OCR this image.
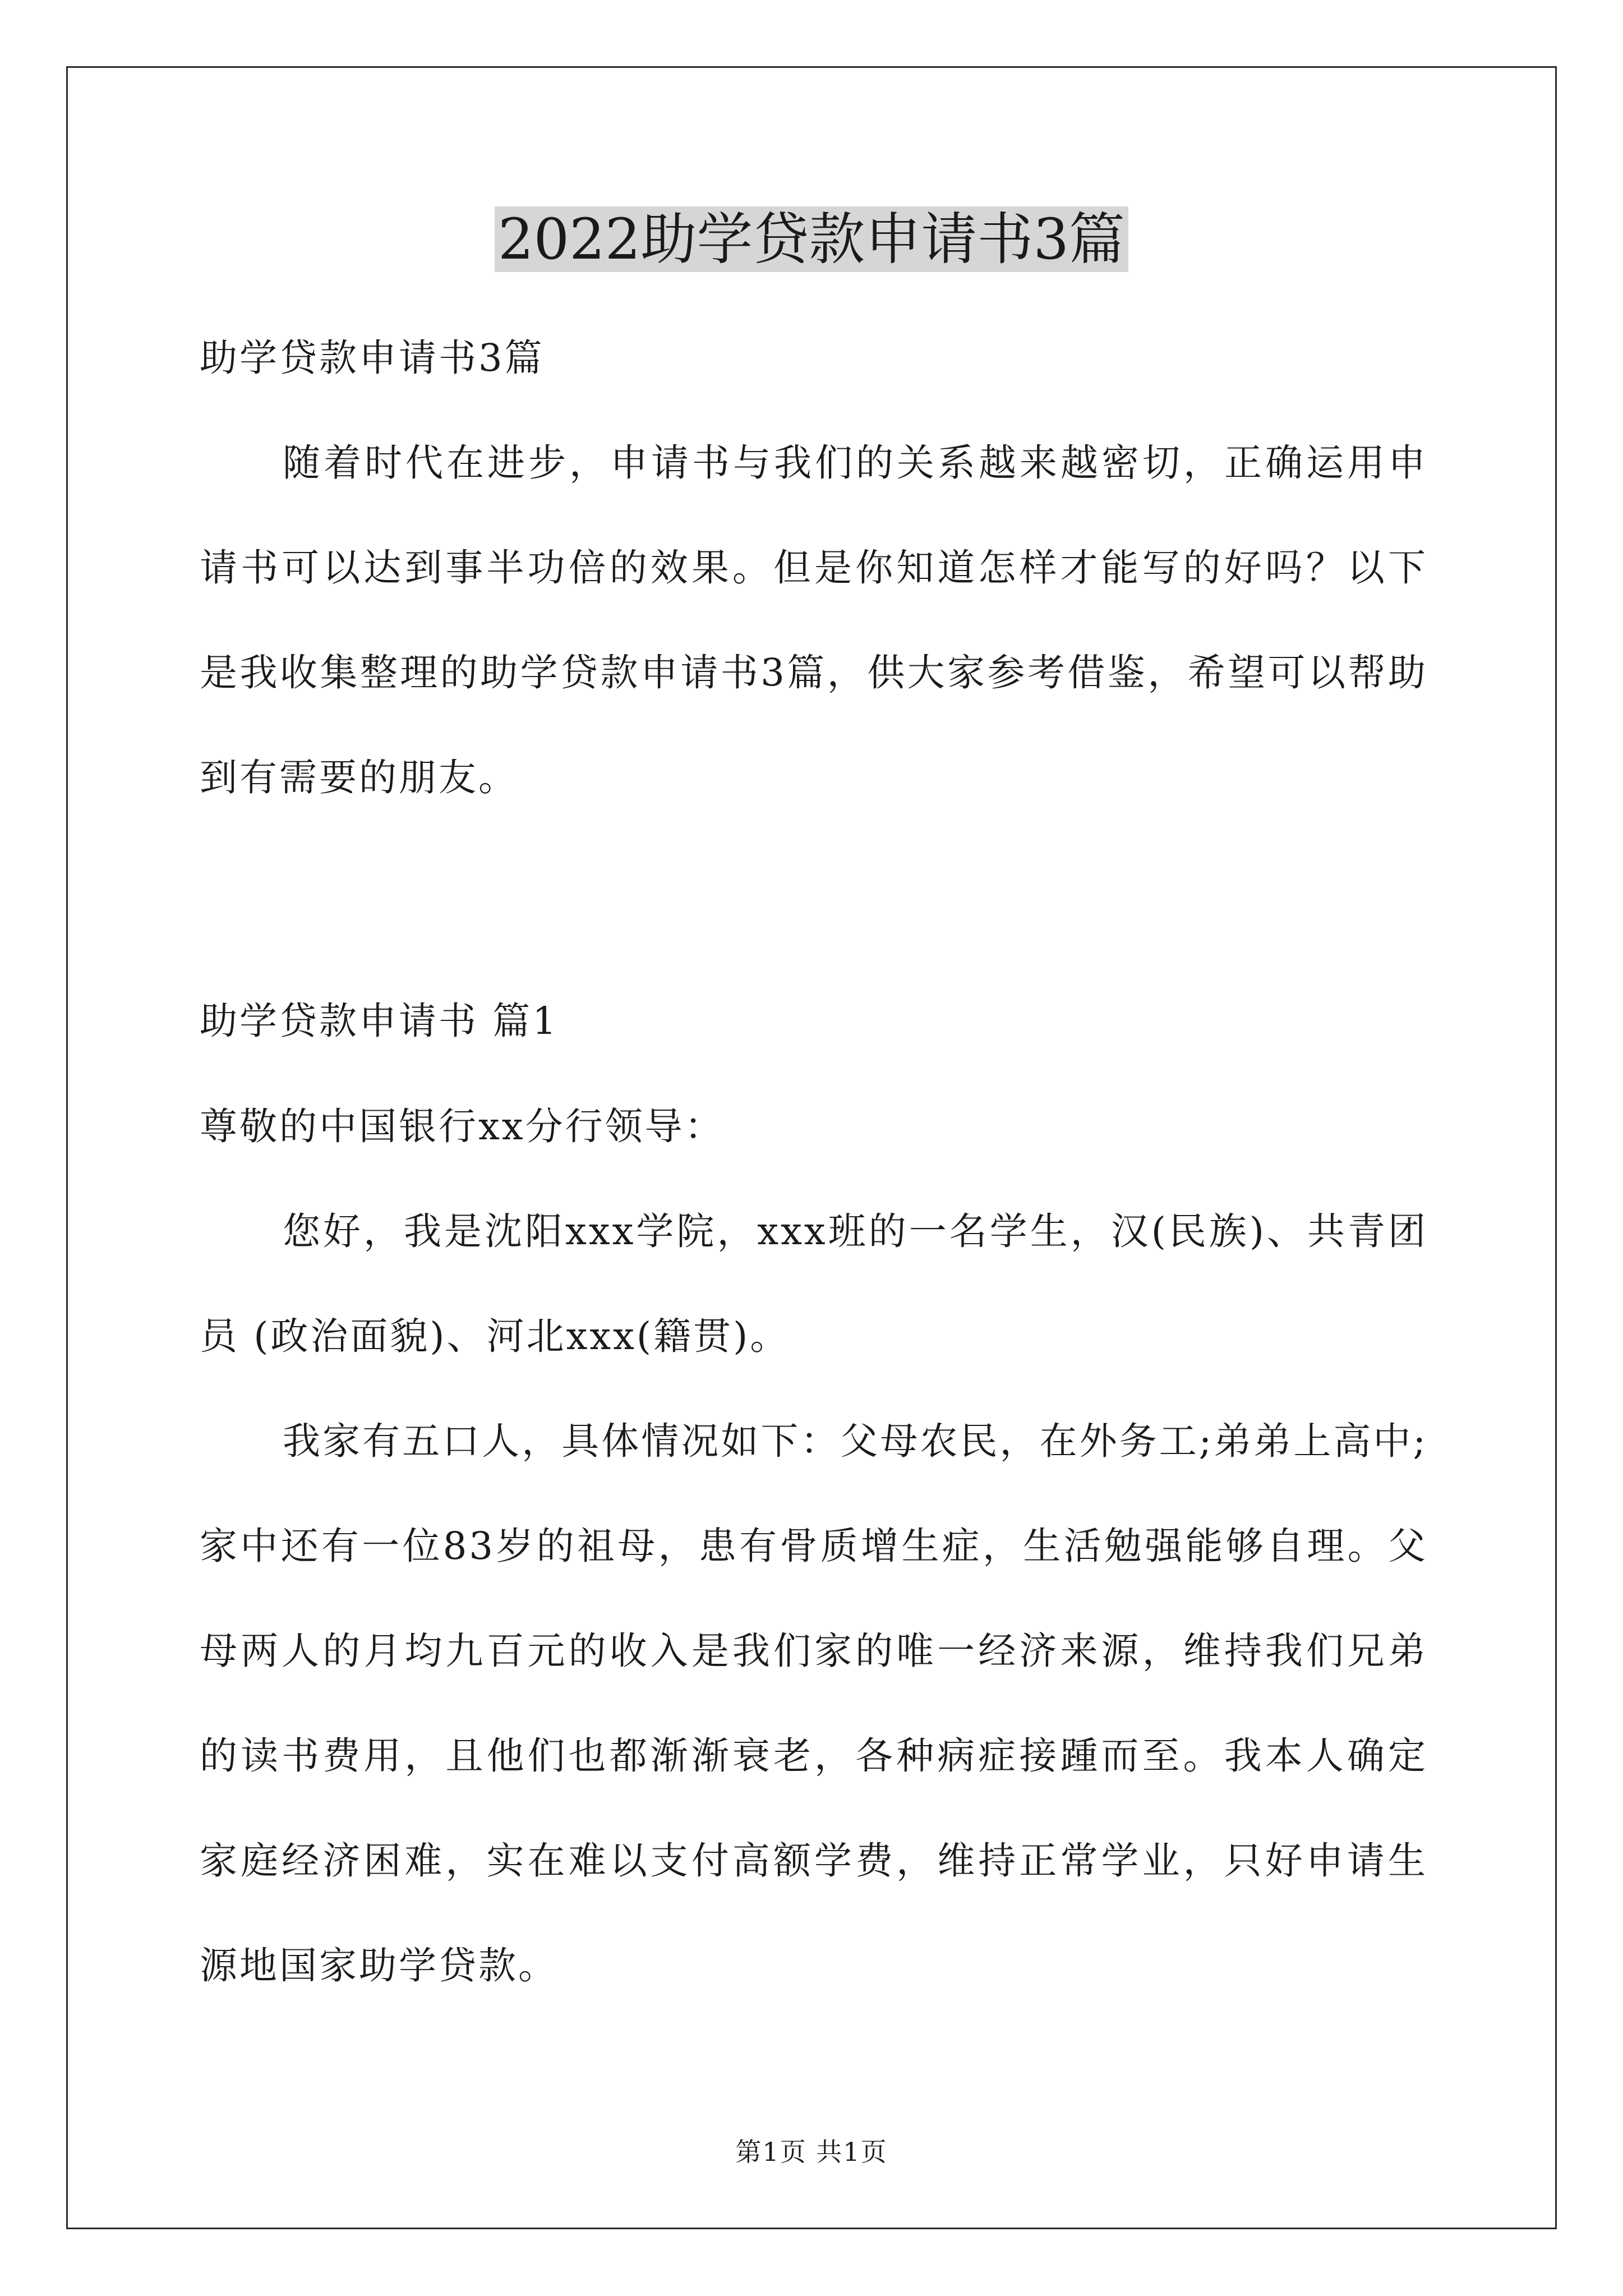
2022助学贷款申请书3篇

助学贷款申请书3篇

随着时代在进步，申请书与我们的关系越来越密切，正确运用申请书可以达到事半功倍的效果。但是你知道怎样才能写的好吗？以下是我收集整理的助学贷款申请书3篇，供大家参考借鉴，希望可以帮助到有需要的朋友。

助学贷款申请书 篇1

尊敬的中国银行xx分行领导：

您好，我是沈阳xxx学院，xxx班的一名学生，汉(民族)、共青团员 (政治面貌)、河北xxx(籍贯)。

我家有五口人，具体情况如下：父母农民，在外务工;弟弟上高中;家中还有一位83岁的祖母，患有骨质增生症，生活勉强能够自理。父母两人的月均九百元的收入是我们家的唯一经济来源，维持我们兄弟的读书费用，且他们也都渐渐衰老，各种病症接踵而至。我本人确定家庭经济困难，实在难以支付高额学费，维持正常学业，只好申请生源地国家助学贷款。

第1页 共1页
